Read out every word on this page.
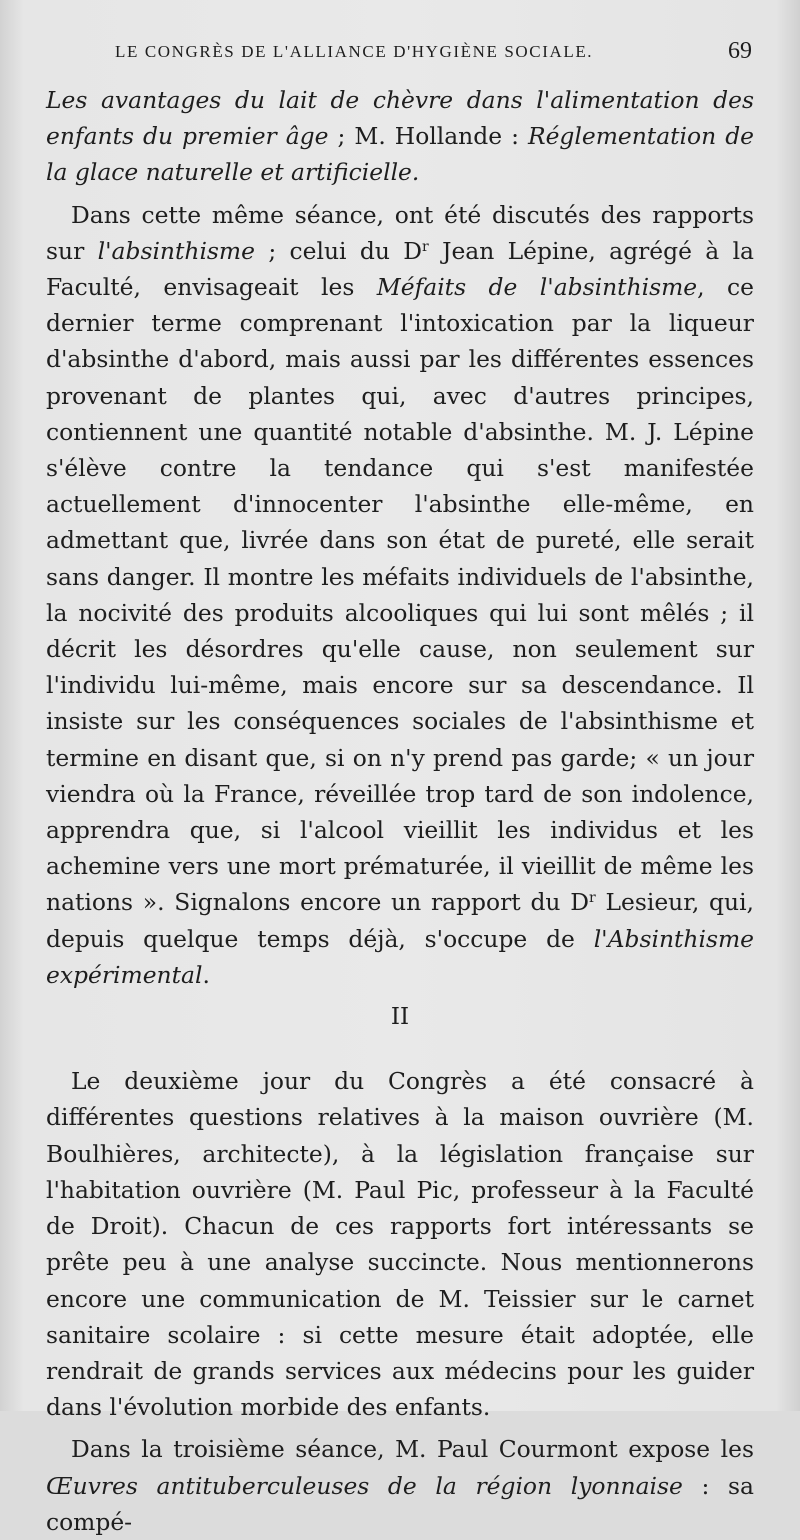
LE CONGRÈS DE L'ALLIANCE D'HYGIÈNE SOCIALE.	69

Les avantages du lait de chèvre dans l'alimentation des enfants du premier âge ; M. Hollande : Réglementation de la glace naturelle et artificielle.

Dans cette même séance, ont été discutés des rapports sur l'absinthisme ; celui du $D^r$ Jean Lépine, agrégé à la Faculté, envisageait les Méfaits de l'absinthisme, ce dernier terme comprenant l'intoxication par la liqueur d'absinthe d'abord, mais aussi par les différentes essences provenant de plantes qui, avec d'autres principes, contiennent une quantité notable d'absinthe. M. J. Lépine s'élève contre la tendance qui s'est manifestée actuellement d'innocenter l'absinthe elle-même, en admettant que, livrée dans son état de pureté, elle serait sans danger. Il montre les méfaits individuels de l'absinthe, la nocivité des produits alcooliques qui lui sont mêlés ; il décrit les désordres qu'elle cause, non seulement sur l'individu lui-même, mais encore sur sa descendance. Il insiste sur les conséquences sociales de l'absinthisme et termine en disant que, si on n'y prend pas garde; « un jour viendra où la France, réveillée trop tard de son indolence, apprendra que, si l'alcool vieillit les individus et les achemine vers une mort prématurée, il vieillit de même les nations ». Signalons encore un rapport du $D^r$ Lesieur, qui, depuis quelque temps déjà, s'occupe de l'Absinthisme expérimental.

II

Le deuxième jour du Congrès a été consacré à différentes questions relatives à la maison ouvrière (M. Boulhières, architecte), à la législation française sur l'habitation ouvrière (M. Paul Pic, professeur à la Faculté de Droit). Chacun de ces rapports fort intéressants se prête peu à une analyse succincte. Nous mentionnerons encore une communication de M. Teissier sur le carnet sanitaire scolaire : si cette mesure était adoptée, elle rendrait de grands services aux médecins pour les guider dans l'évolution morbide des enfants.

Dans la troisième séance, M. Paul Courmont expose les Œuvres antituberculeuses de la région lyonnaise : sa compé-
